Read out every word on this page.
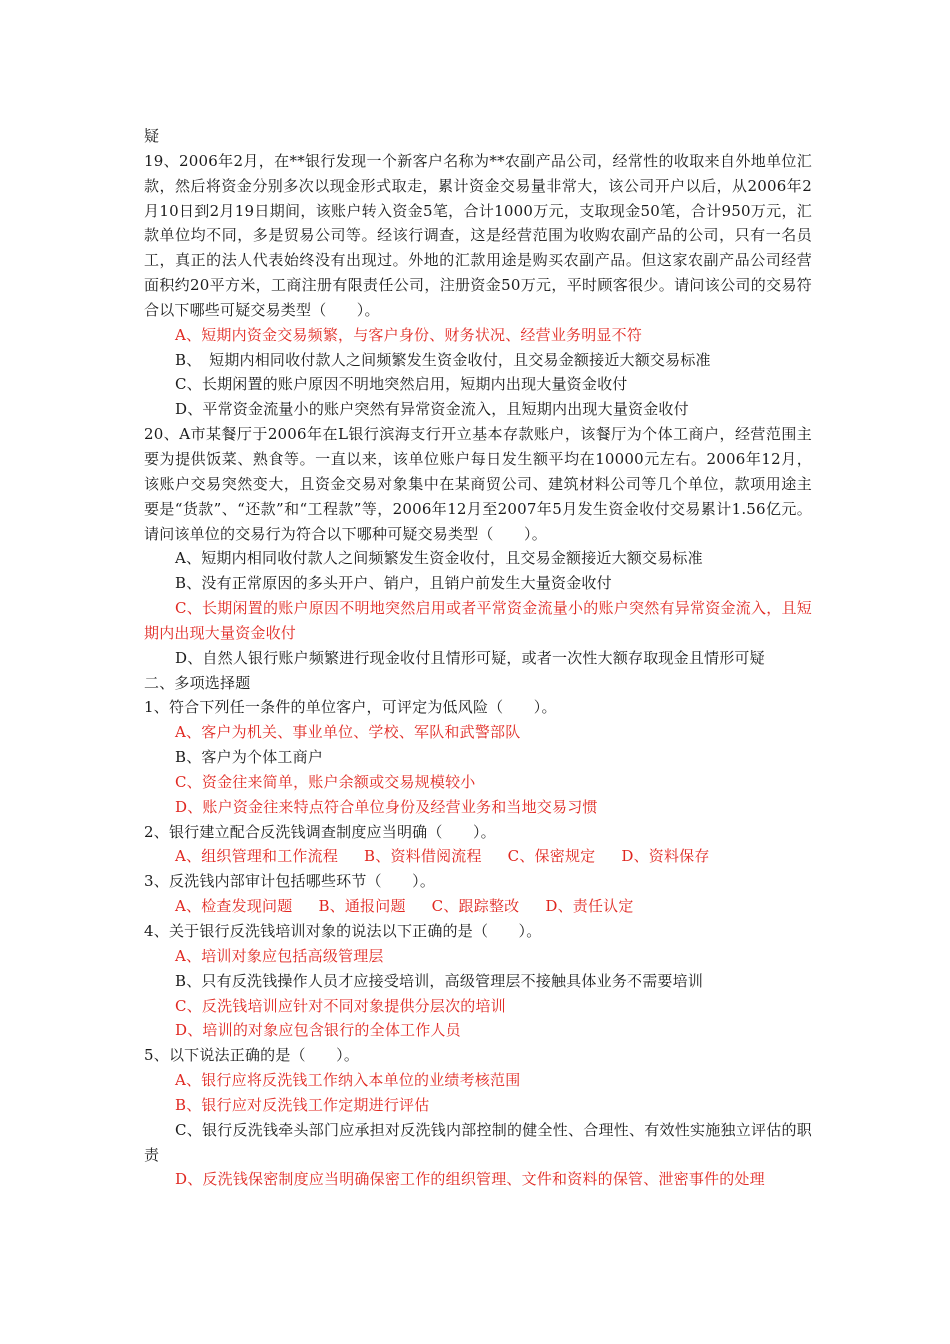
疑

19、2006年2月，在**银行发现一个新客户名称为**农副产品公司，经常性的收取来自外地单位汇款，然后将资金分别多次以现金形式取走，累计资金交易量非常大，该公司开户以后，从2006年2月10日到2月19日期间，该账户转入资金5笔，合计1000万元，支取现金50笔，合计950万元，汇款单位均不同，多是贸易公司等。经该行调查，这是经营范围为收购农副产品的公司，只有一名员工，真正的法人代表始终没有出现过。外地的汇款用途是购买农副产品。但这家农副产品公司经营面积约20平方米，工商注册有限责任公司，注册资金50万元，平时顾客很少。请问该公司的交易符合以下哪些可疑交易类型（　　）。

A、短期内资金交易频繁，与客户身份、财务状况、经营业务明显不符

B、　短期内相同收付款人之间频繁发生资金收付，且交易金额接近大额交易标准

C、长期闲置的账户原因不明地突然启用，短期内出现大量资金收付

D、平常资金流量小的账户突然有异常资金流入，且短期内出现大量资金收付

20、A市某餐厅于2006年在L银行滨海支行开立基本存款账户，该餐厅为个体工商户，经营范围主要为提供饭菜、熟食等。一直以来，该单位账户每日发生额平均在10000元左右。2006年12月，该账户交易突然变大，且资金交易对象集中在某商贸公司、建筑材料公司等几个单位，款项用途主要是“货款”、“还款”和“工程款”等，2006年12月至2007年5月发生资金收付交易累计1.56亿元。请问该单位的交易行为符合以下哪种可疑交易类型（　　）。

A、短期内相同收付款人之间频繁发生资金收付，且交易金额接近大额交易标准

B、没有正常原因的多头开户、销户，且销户前发生大量资金收付

C、长期闲置的账户原因不明地突然启用或者平常资金流量小的账户突然有异常资金流入，且短期内出现大量资金收付

D、自然人银行账户频繁进行现金收付且情形可疑，或者一次性大额存取现金且情形可疑

二、多项选择题

1、符合下列任一条件的单位客户，可评定为低风险（　　）。

A、客户为机关、事业单位、学校、军队和武警部队

B、客户为个体工商户

C、资金往来简单，账户余额或交易规模较小

D、账户资金往来特点符合单位身份及经营业务和当地交易习惯

2、银行建立配合反洗钱调查制度应当明确（　　）。

A、组织管理和工作流程 B、资料借阅流程 C、保密规定 D、资料保存

3、反洗钱内部审计包括哪些环节（　　）。

A、检查发现问题 B、通报问题 C、跟踪整改 D、责任认定

4、关于银行反洗钱培训对象的说法以下正确的是（　　）。

A、培训对象应包括高级管理层

B、只有反洗钱操作人员才应接受培训，高级管理层不接触具体业务不需要培训

C、反洗钱培训应针对不同对象提供分层次的培训

D、培训的对象应包含银行的全体工作人员

5、以下说法正确的是（　　）。

A、银行应将反洗钱工作纳入本单位的业绩考核范围

B、银行应对反洗钱工作定期进行评估

C、银行反洗钱牵头部门应承担对反洗钱内部控制的健全性、合理性、有效性实施独立评估的职责

D、反洗钱保密制度应当明确保密工作的组织管理、文件和资料的保管、泄密事件的处理
